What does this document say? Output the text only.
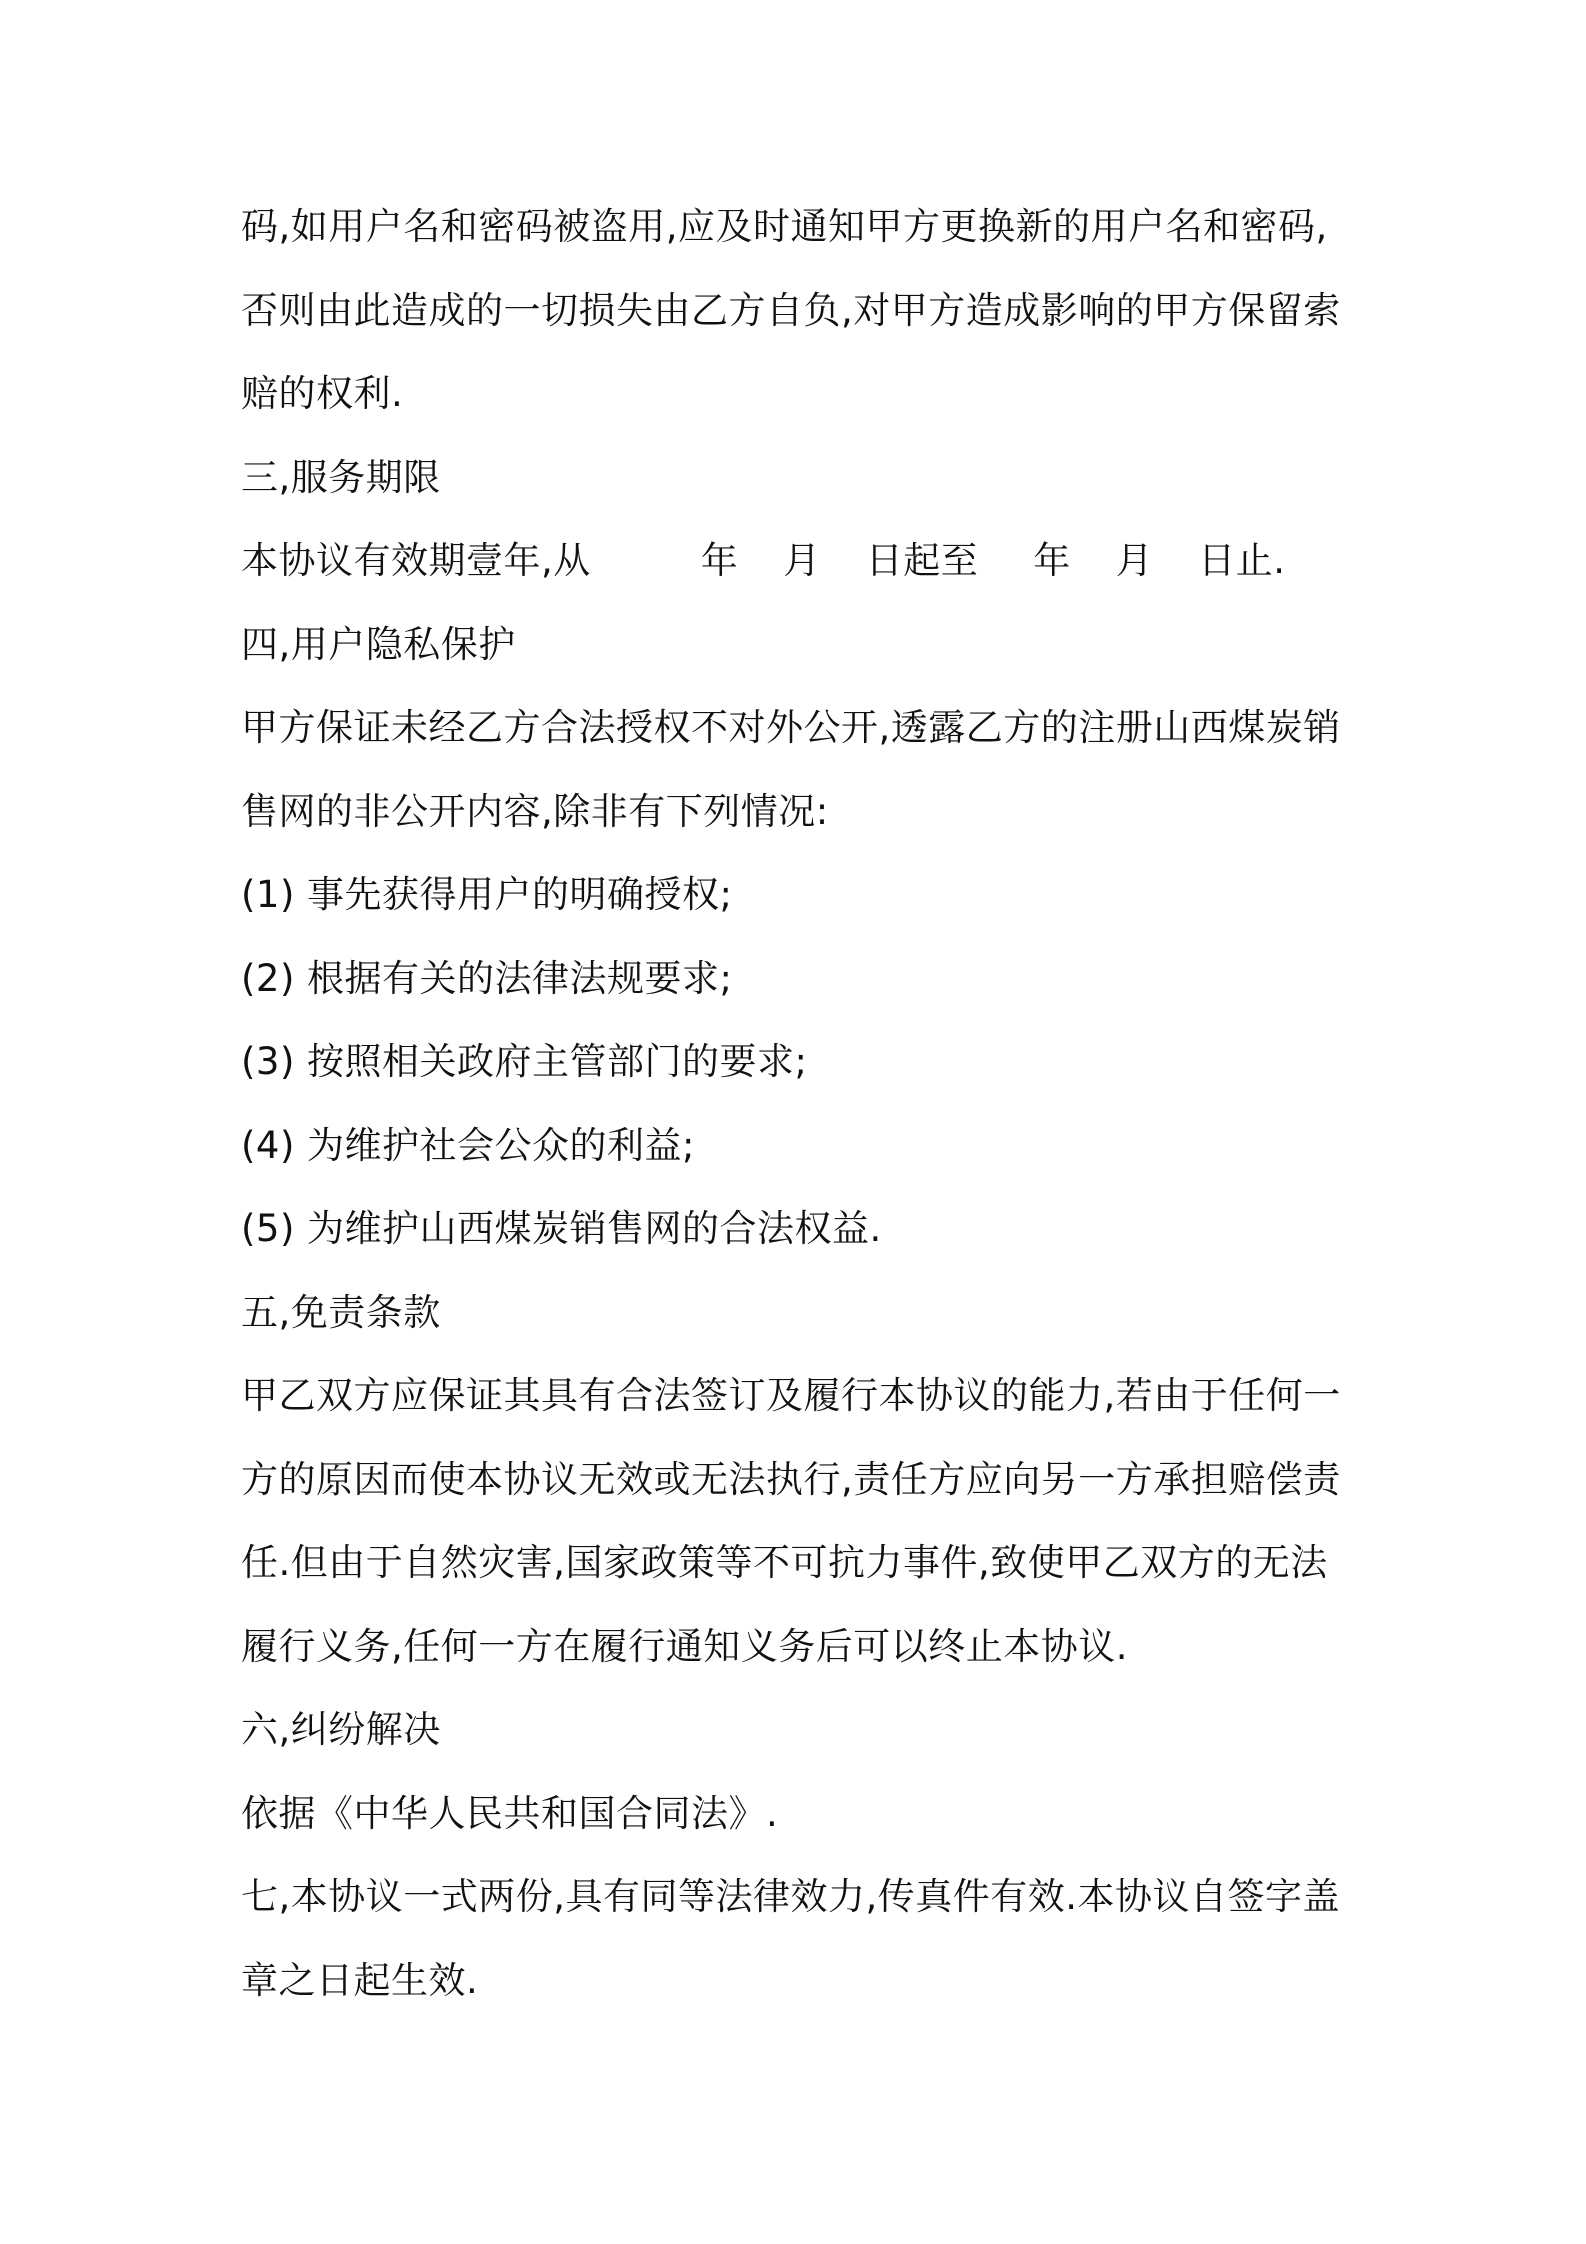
码,如用户名和密码被盗用,应及时通知甲方更换新的用户名和密码,
否则由此造成的一切损失由乙方自负,对甲方造成影响的甲方保留索
赔的权利.
三,服务期限
本协议有效期壹年,从	年 月 日起至 年 月 日止.
四,用户隐私保护
甲方保证未经乙方合法授权不对外公开,透露乙方的注册山西煤炭销
售网的非公开内容,除非有下列情况:
(1) 事先获得用户的明确授权;
(2) 根据有关的法律法规要求;
(3) 按照相关政府主管部门的要求;
(4) 为维护社会公众的利益;
(5) 为维护山西煤炭销售网的合法权益.
五,免责条款
甲乙双方应保证其具有合法签订及履行本协议的能力,若由于任何一
方的原因而使本协议无效或无法执行,责任方应向另一方承担赔偿责
任.但由于自然灾害,国家政策等不可抗力事件,致使甲乙双方的无法
履行义务,任何一方在履行通知义务后可以终止本协议.
六,纠纷解决
依据《中华人民共和国合同法》.
七,本协议一式两份,具有同等法律效力,传真件有效.本协议自签字盖
章之日起生效.
